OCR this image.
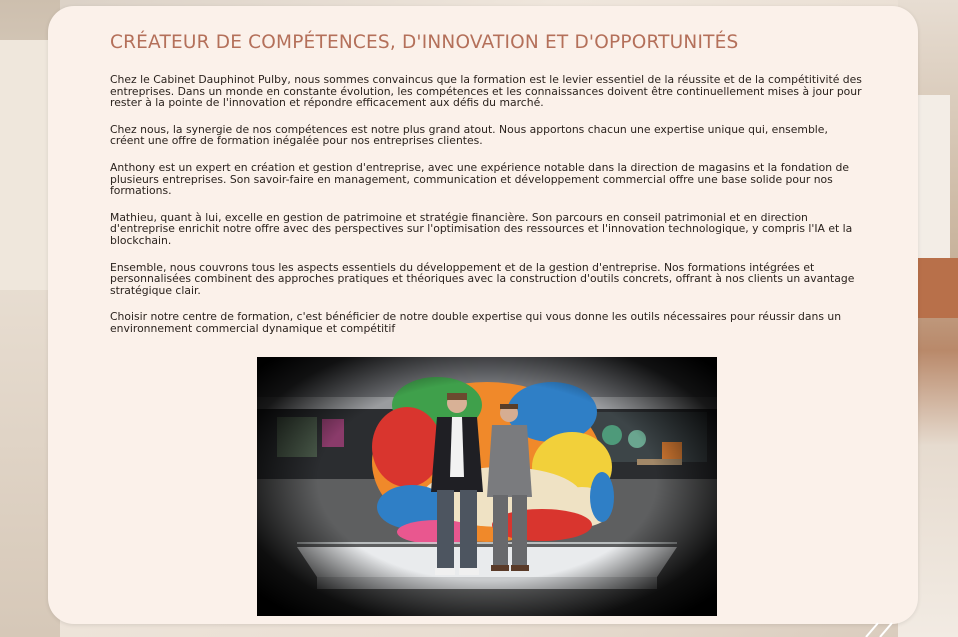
CRÉATEUR DE COMPÉTENCES, D'INNOVATION ET D'OPPORTUNITÉS

Chez le Cabinet Dauphinot Pulby, nous sommes convaincus que la formation est le levier essentiel de la réussite et de la compétitivité des entreprises. Dans un monde en constante évolution, les compétences et les connaissances doivent être continuellement mises à jour pour rester à la pointe de l'innovation et répondre efficacement aux défis du marché.

Chez nous, la synergie de nos compétences est notre plus grand atout. Nous apportons chacun une expertise unique qui, ensemble, créent une offre de formation inégalée pour nos entreprises clientes.

Anthony est un expert en création et gestion d'entreprise, avec une expérience notable dans la direction de magasins et la fondation de plusieurs entreprises. Son savoir-faire en management, communication et développement commercial offre une base solide pour nos formations.

Mathieu, quant à lui, excelle en gestion de patrimoine et stratégie financière. Son parcours en conseil patrimonial et en direction d'entreprise enrichit notre offre avec des perspectives sur l'optimisation des ressources et l'innovation technologique, y compris l'IA et la blockchain.

Ensemble, nous couvrons tous les aspects essentiels du développement et de la gestion d'entreprise. Nos formations intégrées et personnalisées combinent des approches pratiques et théoriques avec la construction d'outils concrets, offrant à nos clients un avantage stratégique clair.

Choisir notre centre de formation, c'est bénéficier de notre double expertise qui vous donne les outils nécessaires pour réussir dans un environnement commercial dynamique et compétitif
